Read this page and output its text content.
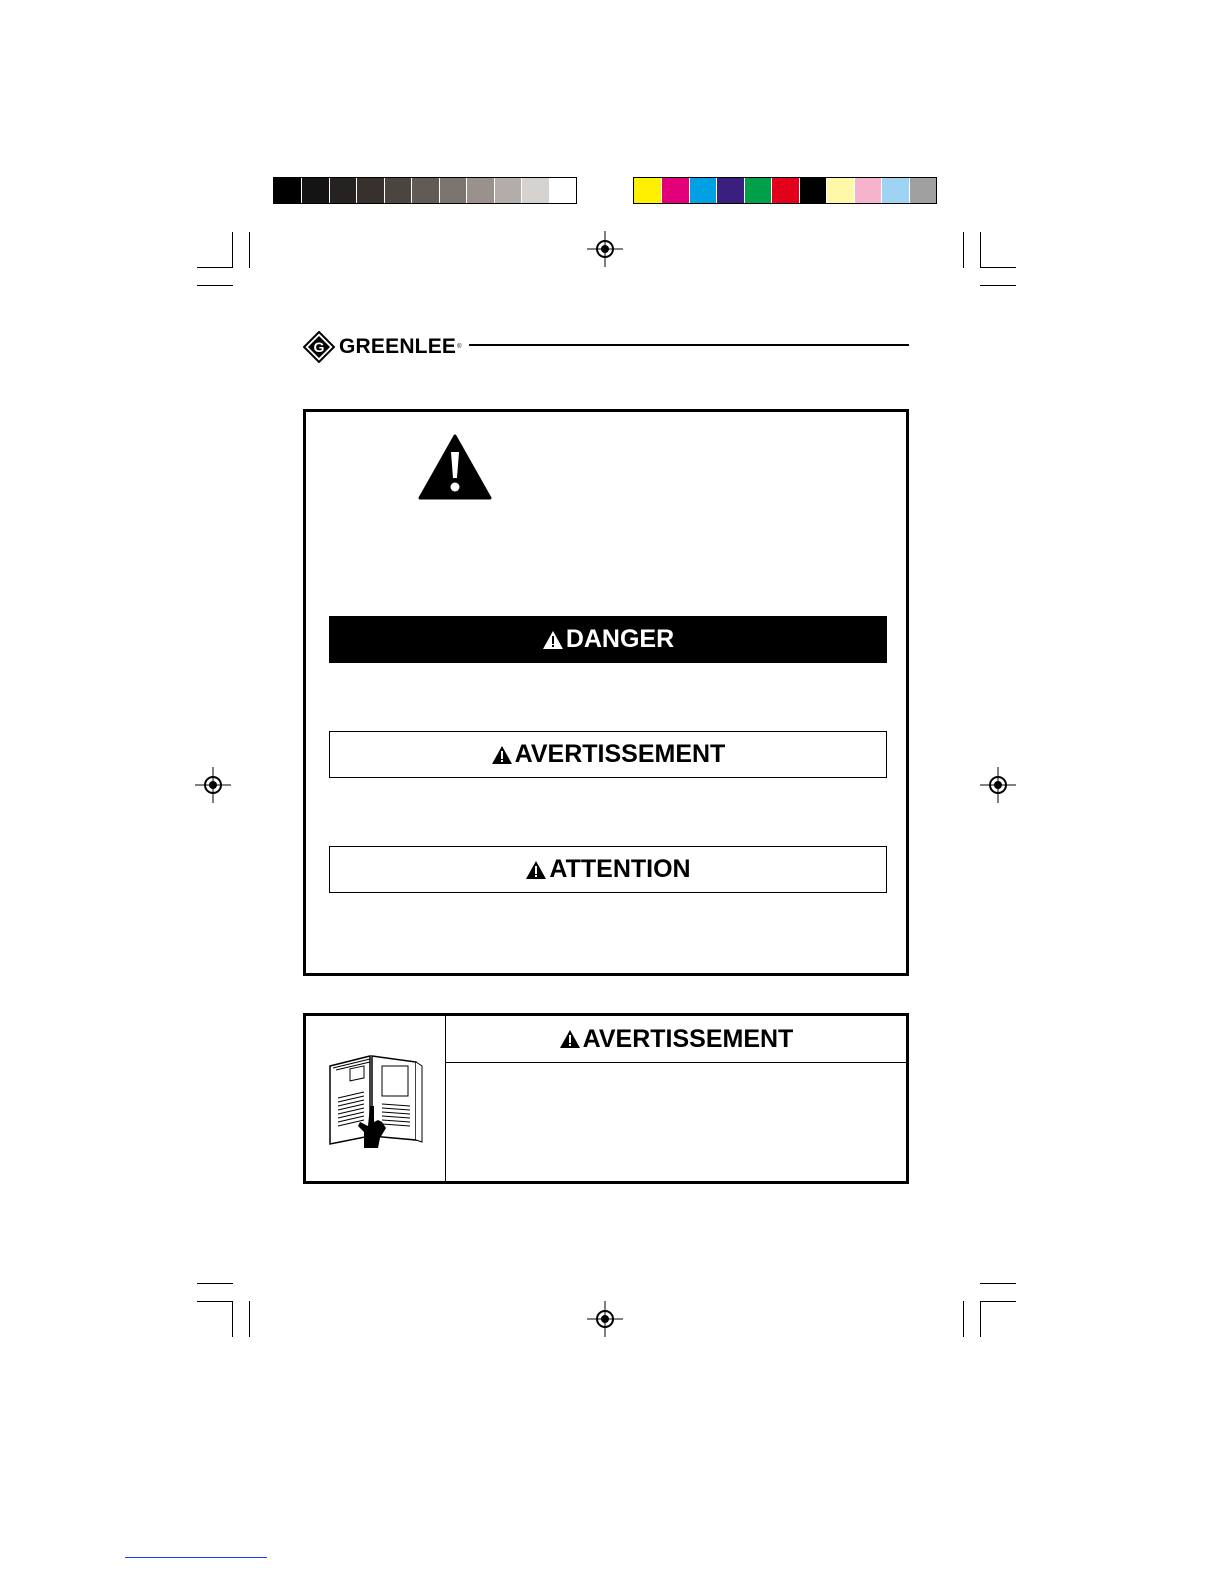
G GREENLEE ®
DANGER
AVERTISSEMENT
ATTENTION
AVERTISSEMENT
